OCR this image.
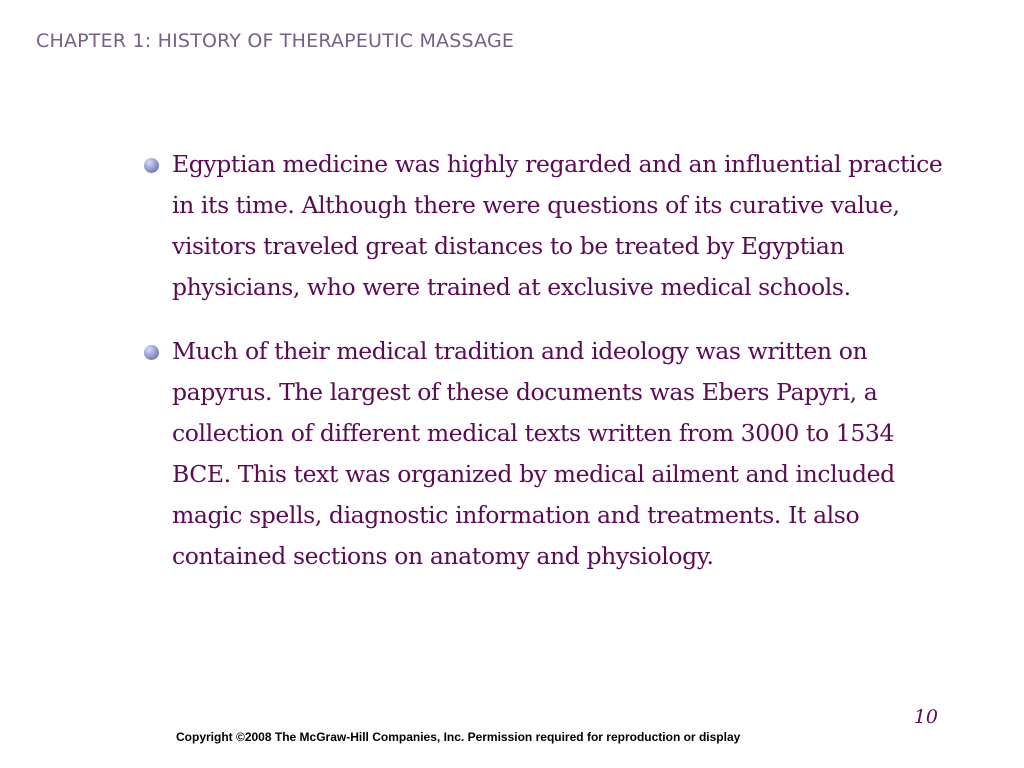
CHAPTER 1: HISTORY OF THERAPEUTIC MASSAGE
Egyptian medicine was highly regarded and an influential practice in its time. Although there were questions of its curative value, visitors traveled great distances to be treated by Egyptian physicians, who were trained at exclusive medical schools.
Much of their medical tradition and ideology was written on papyrus. The largest of these documents was Ebers Papyri, a collection of different medical texts written from 3000 to 1534 BCE. This text was organized by medical ailment and included magic spells, diagnostic information and treatments. It also contained sections on anatomy and physiology.
10
Copyright ©2008 The McGraw-Hill Companies, Inc. Permission required for reproduction or display
